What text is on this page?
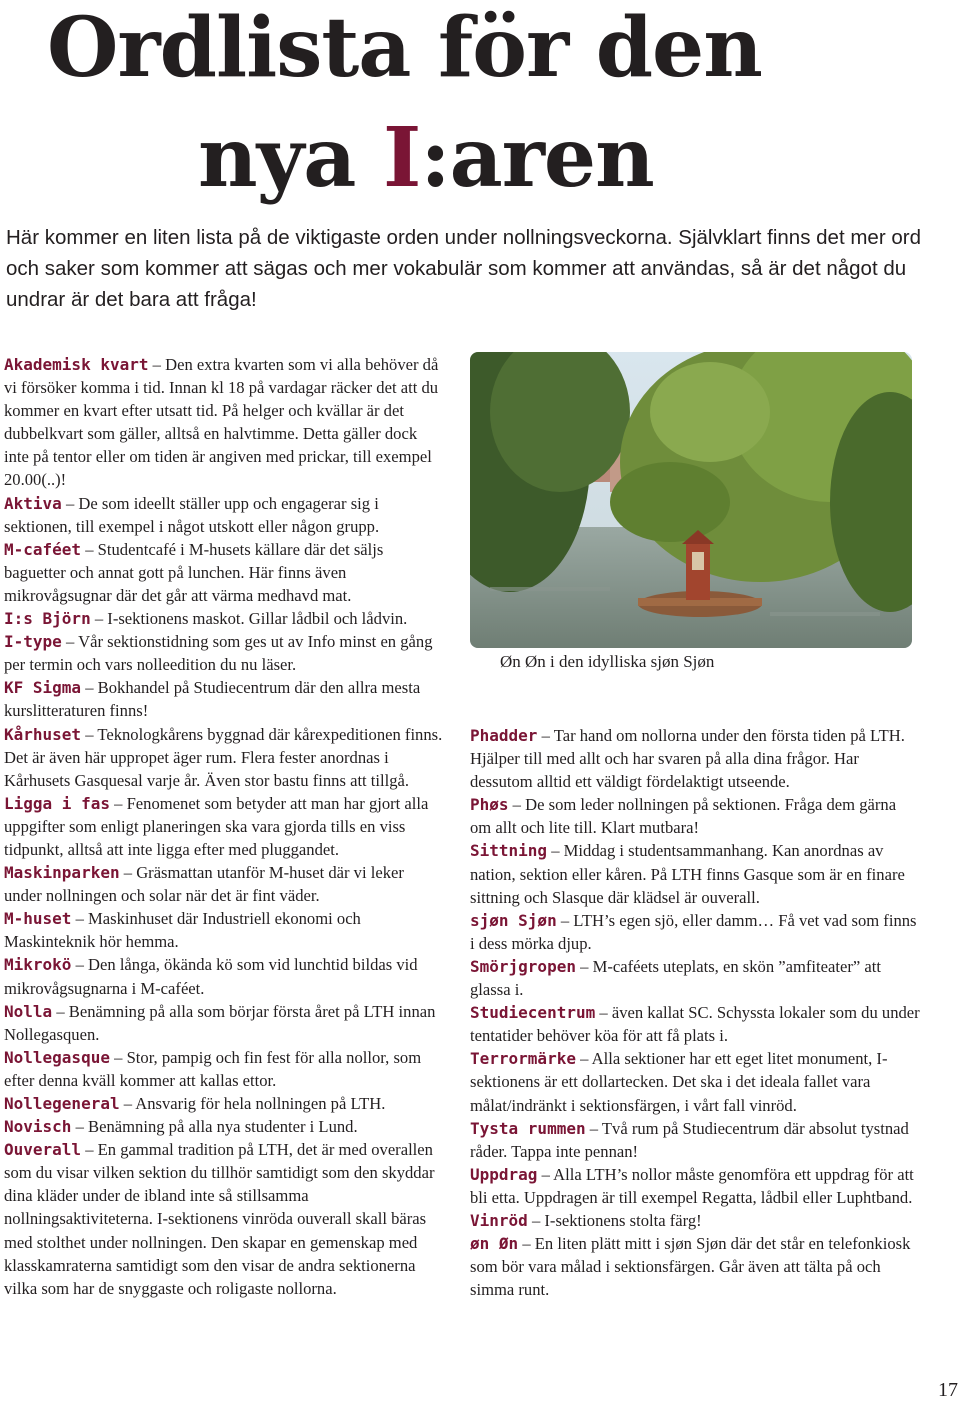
Ordlista för den
nya I:aren

Här kommer en liten lista på de viktigaste orden under nollningsveckorna. Självklart finns det mer ord och saker som kommer att sägas och mer vokabulär som kommer att användas, så är det något du undrar är det bara att fråga!

Akademisk kvart – Den extra kvarten som vi alla behöver då vi försöker komma i tid. Innan kl 18 på vardagar räcker det att du kommer en kvart efter utsatt tid. På helger och kvällar är det dubbelkvart som gäller, alltså en halvtimme. Detta gäller dock inte på tentor eller om tiden är angiven med prickar, till exempel 20.00(..)!

Aktiva – De som ideellt ställer upp och engagerar sig i sektionen, till exempel i något utskott eller någon grupp.

M-caféet – Studentcafé i M-husets källare där det säljs baguetter och annat gott på lunchen. Här finns även mikrovågsugnar där det går att värma medhavd mat.

I:s Björn – I-sektionens maskot. Gillar lådbil och lådvin.

I-type – Vår sektionstidning som ges ut av Info minst en gång per termin och vars nolleedition du nu läser.

KF Sigma – Bokhandel på Studiecentrum där den allra mesta kurslitteraturen finns!

Kårhuset – Teknologkårens byggnad där kårexpeditionen finns. Det är även här uppropet äger rum. Flera fester anordnas i Kårhusets Gasquesal varje år. Även stor bastu finns att tillgå.

Ligga i fas – Fenomenet som betyder att man har gjort alla uppgifter som enligt planeringen ska vara gjorda tills en viss tidpunkt, alltså att inte ligga efter med pluggandet.

Maskinparken – Gräsmattan utanför M-huset där vi leker under nollningen och solar när det är fint väder.

M-huset – Maskinhuset där Industriell ekonomi och Maskinteknik hör hemma.

Mikrokö – Den långa, ökända kö som vid lunchtid bildas vid mikrovågsugnarna i M-caféet.

Nolla – Benämning på alla som börjar första året på LTH innan Nollegasquen.

Nollegasque – Stor, pampig och fin fest för alla nollor, som efter denna kväll kommer att kallas ettor.

Nollegeneral – Ansvarig för hela nollningen på LTH.

Novisch – Benämning på alla nya studenter i Lund.

Ouverall – En gammal tradition på LTH, det är med overallen som du visar vilken sektion du tillhör samtidigt som den skyddar dina kläder under de ibland inte så stillsamma nollningsaktiviteterna. I-sektionens vinröda ouverall skall bäras med stolthet under nollningen. Den skapar en gemenskap med klasskamraterna samtidigt som den visar de andra sektionerna vilka som har de snyggaste och roligaste nollorna.

Øn Øn i den idylliska sjøn Sjøn

Phadder – Tar hand om nollorna under den första tiden på LTH. Hjälper till med allt och har svaren på alla dina frågor. Har dessutom alltid ett väldigt fördelaktigt utseende.

Phøs – De som leder nollningen på sektionen. Fråga dem gärna om allt och lite till. Klart mutbara!

Sittning – Middag i studentsammanhang. Kan anordnas av nation, sektion eller kåren. På LTH finns Gasque som är en finare sittning och Slasque där klädsel är ouverall.

sjøn Sjøn – LTH’s egen sjö, eller damm… Få vet vad som finns i dess mörka djup.

Smörjgropen – M-caféets uteplats, en skön ”amfiteater” att glassa i.

Studiecentrum – även kallat SC. Schyssta lokaler som du under tentatider behöver köa för att få plats i.

Terrormärke – Alla sektioner har ett eget litet monument, I-sektionens är ett dollartecken. Det ska i det ideala fallet vara målat/indränkt i sektionsfärgen, i vårt fall vinröd.

Tysta rummen – Två rum på Studiecentrum där absolut tystnad råder. Tappa inte pennan!

Uppdrag – Alla LTH’s nollor måste genomföra ett uppdrag för att bli etta. Uppdragen är till exempel Regatta, lådbil eller Luphtband.

Vinröd – I-sektionens stolta färg!

øn Øn – En liten plätt mitt i sjøn Sjøn där det står en telefonkiosk som bör vara målad i sektionsfärgen. Går även att tälta på och simma runt.

17
